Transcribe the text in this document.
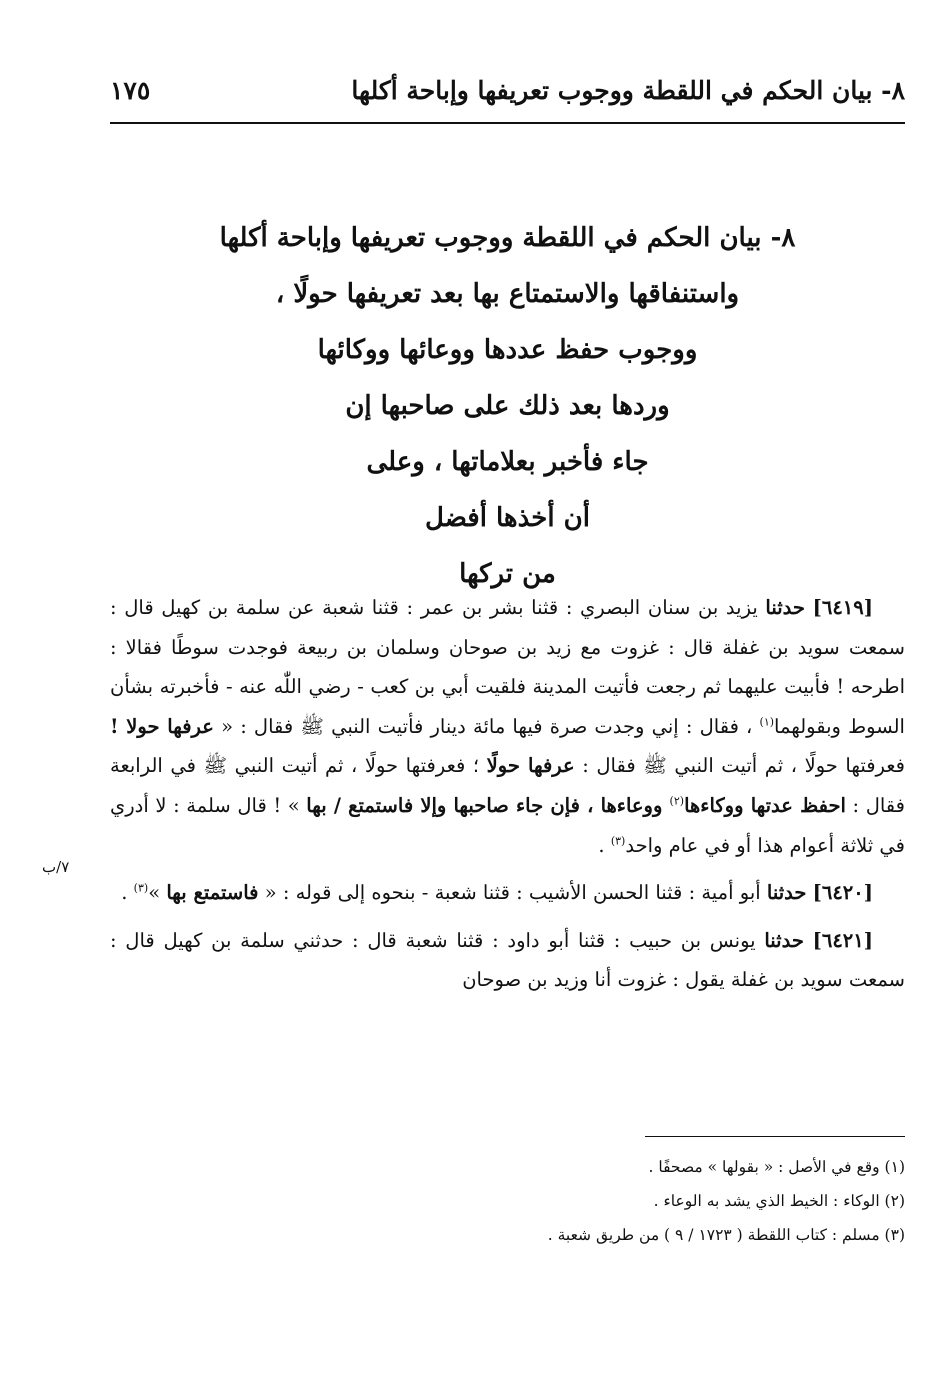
٨- بيان الحكم في اللقطة ووجوب تعريفها وإباحة أكلها
١٧٥
٨- بيان الحكم في اللقطة ووجوب تعريفها وإباحة أكلها
واستنفاقها والاستمتاع بها بعد تعريفها حولًا ،
ووجوب حفظ عددها ووعائها ووكائها
وردها بعد ذلك على صاحبها إن
جاء فأخبر بعلاماتها ، وعلى
أن أخذها أفضل
من تركها

[٦٤١٩] حدثنا يزيد بن سنان البصري : قثنا بشر بن عمر : قثنا شعبة عن سلمة بن كهيل قال : سمعت سويد بن غفلة قال : غزوت مع زيد بن صوحان وسلمان بن ربيعة فوجدت سوطًا فقالا : اطرحه ! فأبيت عليهما ثم رجعت فأتيت المدينة فلقيت أبي بن كعب - رضي اللّٰه عنه - فأخبرته بشأن السوط وبقولهما$^{(١)}$ ، فقال : إني وجدت صرة فيها مائة دينار فأتيت النبي ﷺ فقال : « عرفها حولا ! فعرفتها حولًا ، ثم أتيت النبي ﷺ فقال : عرفها حولًا ؛ فعرفتها حولًا ، ثم أتيت النبي ﷺ في الرابعة فقال : احفظ عدتها ووكاءها$^{(٢)}$ ووعاءها ، فإن جاء صاحبها وإلا فاستمتع / بها » ! قال سلمة : لا أدري في ثلاثة أعوام هذا أو في عام واحد$^{(٣)}$ .

[٦٤٢٠] حدثنا أبو أمية : قثنا الحسن الأشيب : قثنا شعبة - بنحوه إلى قوله : « فاستمتع بها »$^{(٣)}$ .

[٦٤٢١] حدثنا يونس بن حبيب : قثنا أبو داود : قثنا شعبة قال : حدثني سلمة بن كهيل قال : سمعت سويد بن غفلة يقول : غزوت أنا وزيد بن صوحان

٧/ب
(١) وقع في الأصل : « بقولها » مصحفًا .
(٢) الوكاء : الخيط الذي يشد به الوعاء .
(٣) مسلم : كتاب اللقطة ( ١٧٢٣ / ٩ ) من طريق شعبة .
